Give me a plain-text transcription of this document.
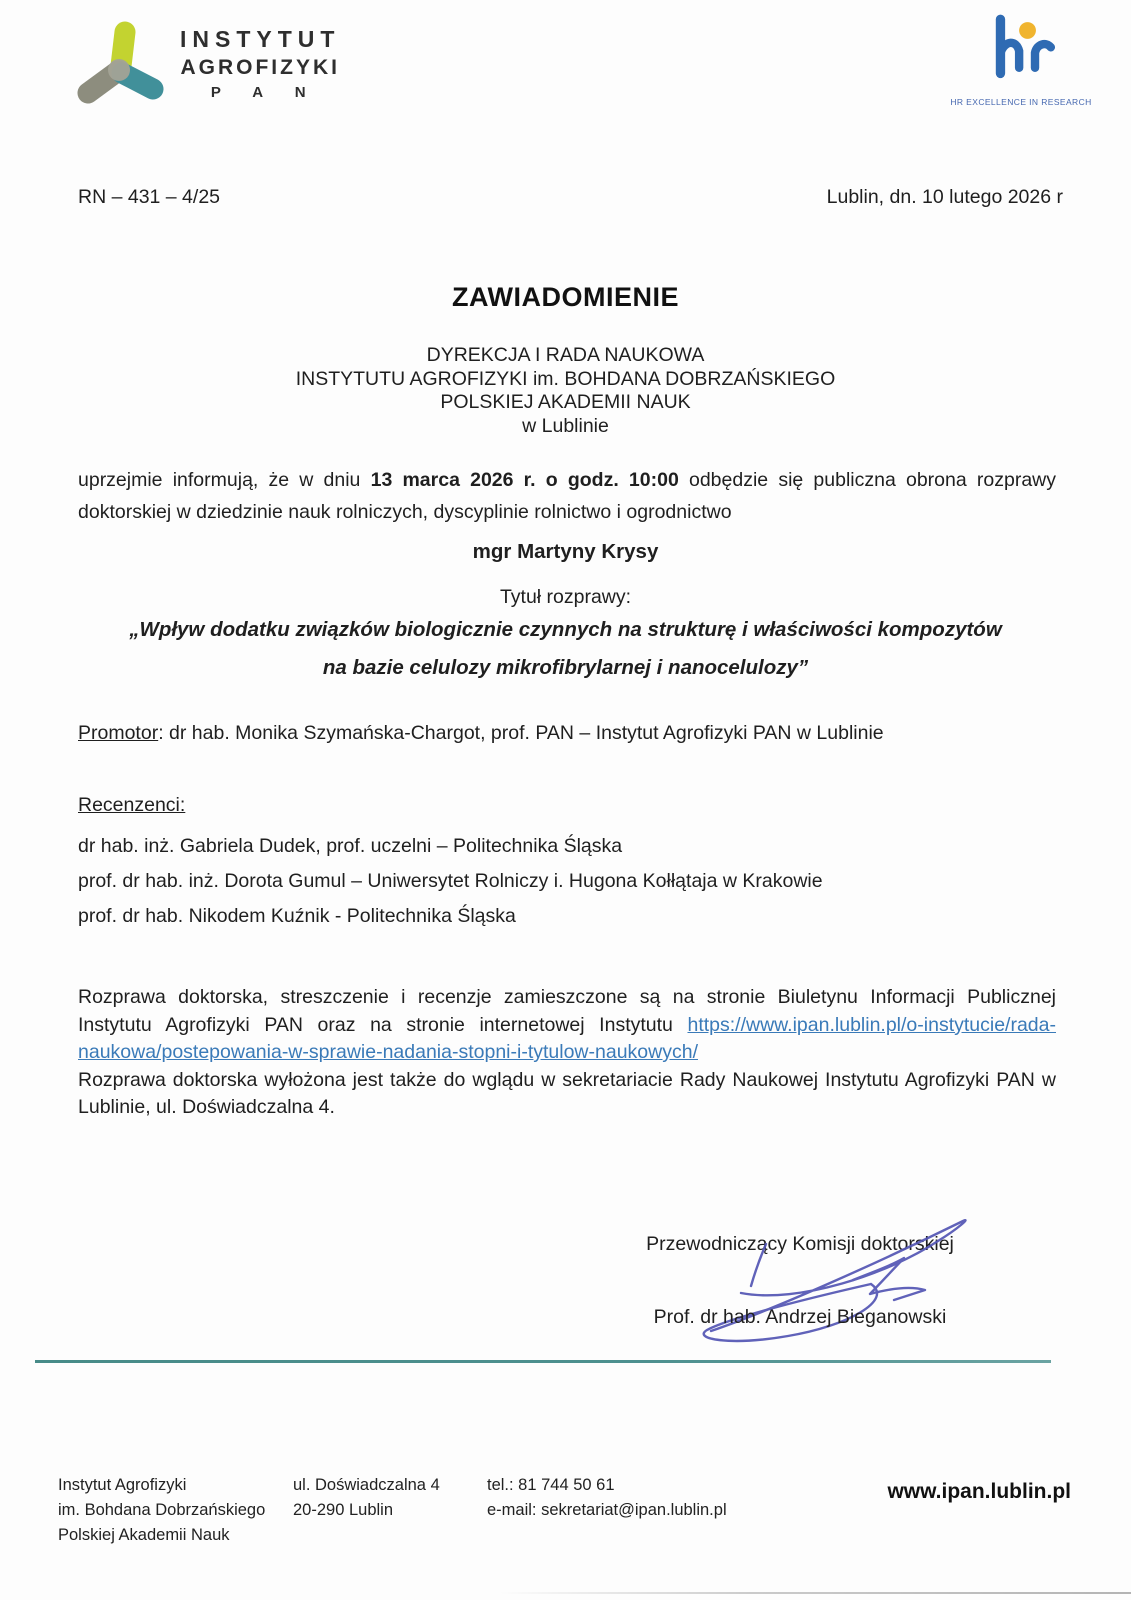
INSTYTUT
AGROFIZYKI
P A N
HR EXCELLENCE IN RESEARCH
RN – 431 – 4/25	Lublin, dn. 10 lutego 2026 r
ZAWIADOMIENIE
DYREKCJA I RADA NAUKOWA
INSTYTUTU AGROFIZYKI im. BOHDANA DOBRZAŃSKIEGO
POLSKIEJ AKADEMII NAUK
w Lublinie
uprzejmie informują, że w dniu 13 marca 2026 r. o godz. 10:00 odbędzie się publiczna obrona rozprawy doktorskiej w dziedzinie nauk rolniczych, dyscyplinie rolnictwo i ogrodnictwo
mgr Martyny Krysy
Tytuł rozprawy:
„Wpływ dodatku związków biologicznie czynnych na strukturę i właściwości kompozytów
na bazie celulozy mikrofibrylarnej i nanocelulozy”
Promotor: dr hab. Monika Szymańska-Chargot, prof. PAN – Instytut Agrofizyki PAN w Lublinie
Recenzenci:
dr hab. inż. Gabriela Dudek, prof. uczelni – Politechnika Śląska
prof. dr hab. inż. Dorota Gumul – Uniwersytet Rolniczy i. Hugona Kołłątaja w Krakowie
prof. dr hab. Nikodem Kuźnik - Politechnika Śląska
Rozprawa doktorska, streszczenie i recenzje zamieszczone są na stronie Biuletynu Informacji Publicznej Instytutu Agrofizyki PAN oraz na stronie internetowej Instytutu https://www.ipan.lublin.pl/o-instytucie/rada-naukowa/postepowania-w-sprawie-nadania-stopni-i-tytulow-naukowych/
Rozprawa doktorska wyłożona jest także do wglądu w sekretariacie Rady Naukowej Instytutu Agrofizyki PAN w Lublinie, ul. Doświadczalna 4.
Przewodniczący Komisji doktorskiej
Prof. dr hab. Andrzej Bieganowski
Instytut Agrofizyki
im. Bohdana Dobrzańskiego
Polskiej Akademii Nauk
ul. Doświadczalna 4
20-290 Lublin
tel.: 81 744 50 61
e-mail: sekretariat@ipan.lublin.pl
www.ipan.lublin.pl
